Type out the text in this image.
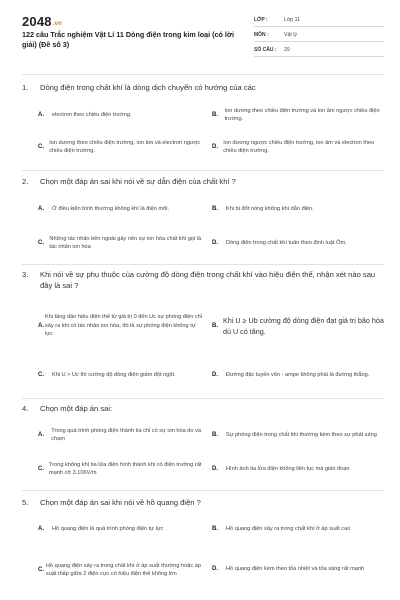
2048.vn
122 câu Trắc nghiệm Vật Lí 11 Dòng điện trong kim loại (có lời giải) (Đề số 3)
LỚP :	Lớp 11
MÔN :	Vật lý
SỐ CÂU :	29
1.	Dòng điện trong chất khí là dòng dịch chuyển có hướng của các
A.	electron theo chiều điện trường.	B.
Ion dương theo chiều điện trường và ion âm ngược chiều điện trường.
C.
Ion dương theo chiều điện trường, ion âm và electron ngược chiều điện trường.
D.
Ion dương ngược chiều điện trường, ion âm và electron theo chiều điện trường.
2.	Chọn một đáp án sai khi nói về sự dẫn điện của chất khí ?
A.	Ở điều kiện bình thường không khí là điện môi.	B.	Khi bị đốt nóng không khí dẫn điện.
C.
Những tác nhân bên ngoài gây nên sự ion hóa chất khí gọi là tác nhân ion hóa
D.	Dòng điện trong chất khí tuân theo định luật Ôm.
3.	Khi nói về sự phụ thuộc của cường độ dòng điện trong chất khí vào hiệu điện thế, nhận xét nào sau đây là sai ?
A.
Khi tăng dần hiệu điện thế từ giá trị 0 đến Uc sự phóng điện chỉ sảy ra khi có tác nhân ion hóa, đó là sự phóng điện không tự lực
B.
Khi U ≥ Ub cường độ dòng điện đạt giá trị bão hòa dù U có tăng.
C.	Khi U > Uc thì cường độ dòng điện giảm đột ngột.	D.	Đường đặc tuyến vôn - ampe không phải là đường thẳng.
4.	Chọn một đáp án sai:
A.
Trong quá trình phóng điện thành tia chỉ có sự ion hóa do va chạm
B.	Sự phóng điện trong chất khí thường kèm theo sự phát sáng
C.
Trong không khí tia lửa điện hình thành khi có điện trường rất mạnh cỡ 3.106V/m
D.	Hình ảnh tia lửa điện không liên tục mà gián đoạn
5.	Chọn một đáp án sai khi nói về hồ quang điện ?
A.	Hồ quang điện là quá trình phóng điện tự lực	B.	Hồ quang điện xảy ra trong chất khí ở áp suất cao
C.
Hồ quang điện sảy ra trong chất khí ở áp suất thường hoặc áp suất thấp giữa 2 điện cực có hiệu điện thế không lớn
D.	Hồ quang điện kèm theo tỏa nhiệt và tỏa sáng rất mạnh
